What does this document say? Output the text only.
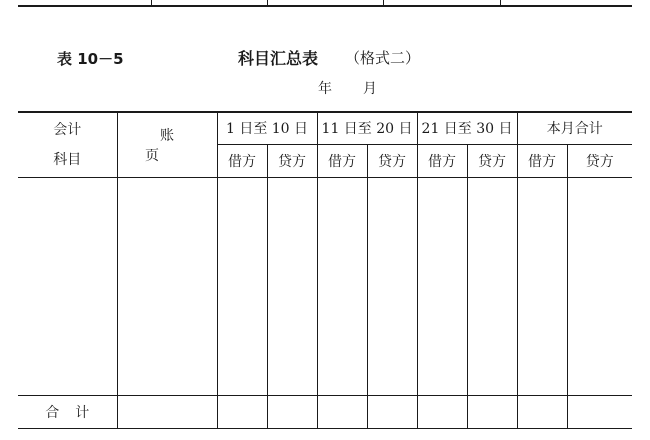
表 10－5	科目汇总表 （格式二）
年 月
会计
科目	账页	1 日至 10 日		11 日至 20 日		21 日至 30 日		本月合计	
		借方	贷方	借方	贷方	借方	贷方	借方	贷方

合计									
